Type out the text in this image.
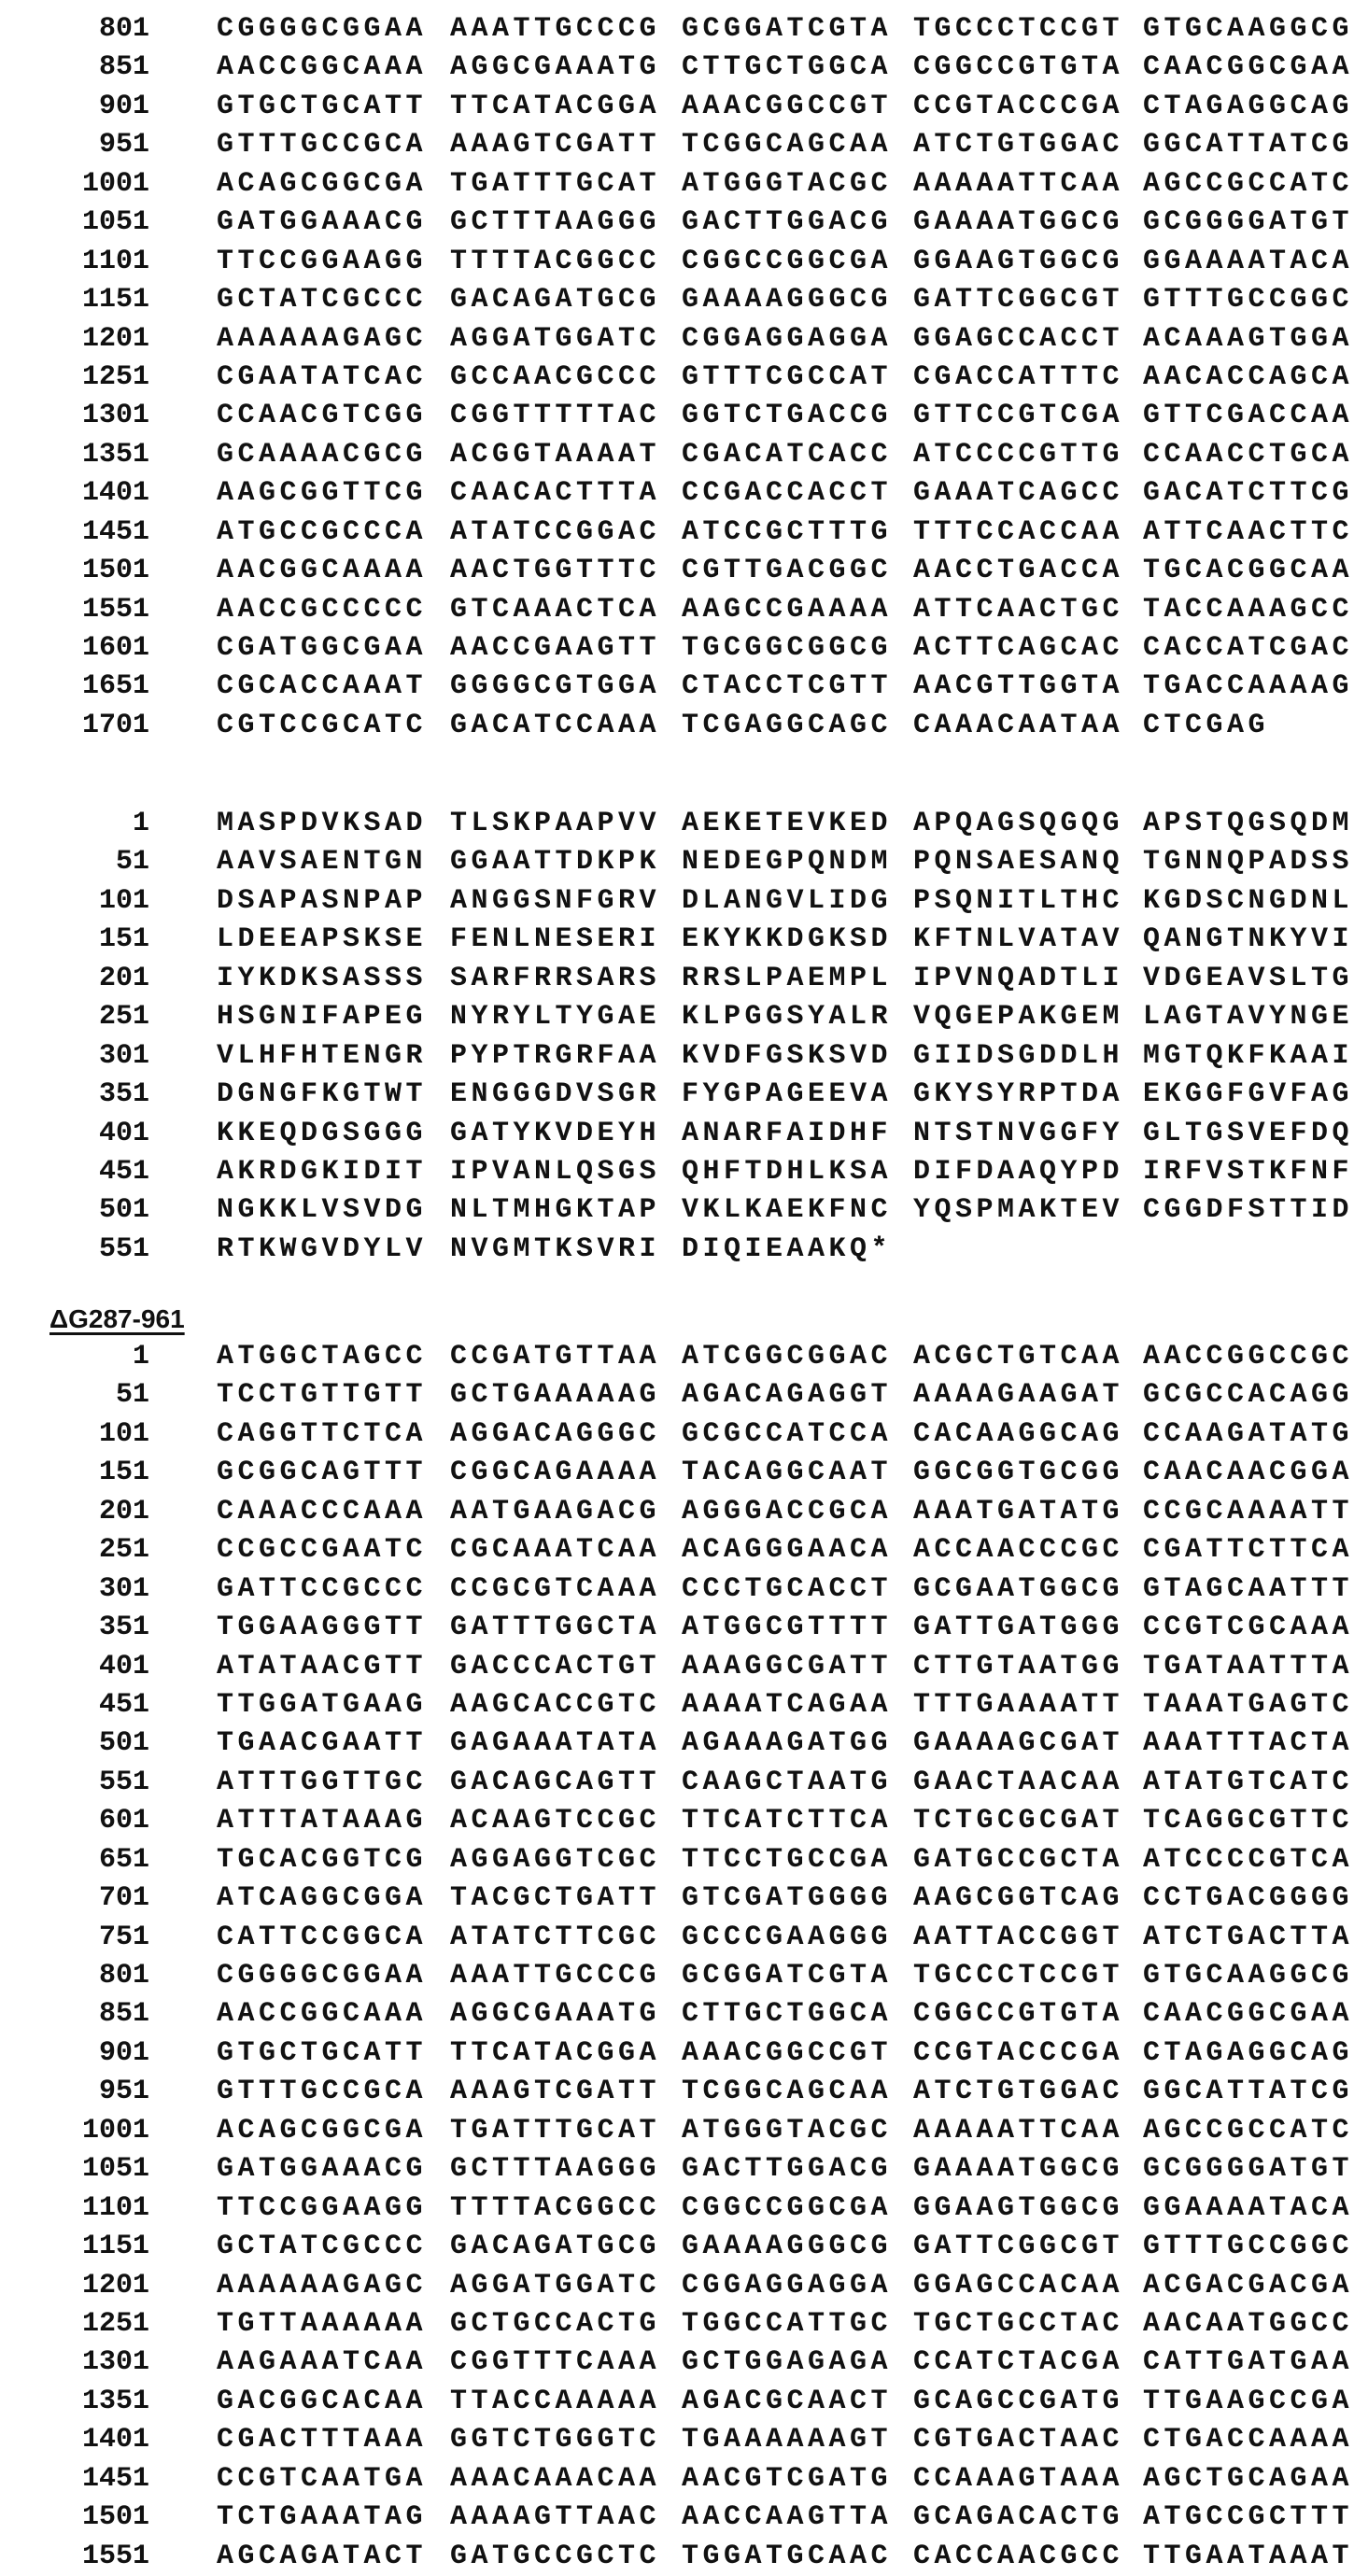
801 CGGGGCGGAA AAATTGCCCG GCGGATCGTA TGCCCTCCGT GTGCAAGGCG
851 AACCGGCAAA AGGCGAAATG CTTGCTGGCA CGGCCGTGTA CAACGGCGAA
901 GTGCTGCATT TTCATACGGA AAACGGCCGT CCGTACCCGA CTAGAGGCAG
951 GTTTGCCGCA AAAGTCGATT TCGGCAGCAA ATCTGTGGAC GGCATTATCG
1001 ACAGCGGCGA TGATTTGCAT ATGGGTACGC AAAAATTCAA AGCCGCCATC
1051 GATGGAAACG GCTTTAAGGG GACTTGGACG GAAAATGGCG GCGGGGATGT
1101 TTCCGGAAGG TTTTACGGCC CGGCCGGCGA GGAAGTGGCG GGAAAATACA
1151 GCTATCGCCC GACAGATGCG GAAAAGGGCG GATTCGGCGT GTTTGCCGGC
1201 AAAAAAGAGC AGGATGGATC CGGAGGAGGA GGAGCCACCT ACAAAGTGGA
1251 CGAATATCAC GCCAACGCCC GTTTCGCCAT CGACCATTTC AACACCAGCA
1301 CCAACGTCGG CGGTTTTTAC GGTCTGACCG GTTCCGTCGA GTTCGACCAA
1351 GCAAAACGCG ACGGTAAAAT CGACATCACC ATCCCCGTTG CCAACCTGCA
1401 AAGCGGTTCG CAACACTTTA CCGACCACCT GAAATCAGCC GACATCTTCG
1451 ATGCCGCCCA ATATCCGGAC ATCCGCTTTG TTTCCACCAA ATTCAACTTC
1501 AACGGCAAAA AACTGGTTTC CGTTGACGGC AACCTGACCA TGCACGGCAA
1551 AACCGCCCCC GTCAAACTCA AAGCCGAAAA ATTCAACTGC TACCAAAGCC
1601 CGATGGCGAA AACCGAAGTT TGCGGCGGCG ACTTCAGCAC CACCATCGAC
1651 CGCACCAAAT GGGGCGTGGA CTACCTCGTT AACGTTGGTA TGACCAAAAG
1701 CGTCCGCATC GACATCCAAA TCGAGGCAGC CAAACAATAA CTCGAG
1 MASPDVKSAD TLSKPAAPVV AEKETEVKED APQAGSQGQG APSTQGSQDM
51 AAVSAENTGN GGAATTDKPK NEDEGPQNDM PQNSAESANQ TGNNQPADSS
101 DSAPASNPAP ANGGSNFGRV DLANGVLIDG PSQNITLTHC KGDSCNGDNL
151 LDEEAPSKSE FENLNESERI EKYKKDGKSD KFTNLVATAV QANGTNKYVI
201 IYKDKSASSS SARFRRSARS RRSLPAEMPL IPVNQADTLI VDGEAVSLTG
251 HSGNIFAPEG NYRYLTYGAE KLPGGSYALR VQGEPAKGEM LAGTAVYNGE
301 VLHFHTENGR PYPTRGRFAA KVDFGSKSVD GIIDSGDDLH MGTQKFKAAI
351 DGNGFKGTWT ENGGGDVSGR FYGPAGEEVA GKYSYRPTDA EKGGFGVFAG
401 KKEQDGSGGG GATYKVDEYH ANARFAIDHF NTSTNVGGFY GLTGSVEFDQ
451 AKRDGKIDIT IPVANLQSGS QHFTDHLKSA DIFDAAQYPD IRFVSTKFNF
501 NGKKLVSVDG NLTMHGKTAP VKLKAEKFNC YQSPMAKTEV CGGDFSTTID
551 RTKWGVDYLV NVGMTKSVRI DIQIEAAKQ*
ΔG287-961
1 ATGGCTAGCC CCGATGTTAA ATCGGCGGAC ACGCTGTCAA AACCGGCCGC
51 TCCTGTTGTT GCTGAAAAAG AGACAGAGGT AAAAGAAGAT GCGCCACAGG
101 CAGGTTCTCA AGGACAGGGC GCGCCATCCA CACAAGGCAG CCAAGATATG
151 GCGGCAGTTT CGGCAGAAAA TACAGGCAAT GGCGGTGCGG CAACAACGGA
201 CAAACCCAAA AATGAAGACG AGGGACCGCA AAATGATATG CCGCAAAATT
251 CCGCCGAATC CGCAAATCAA ACAGGGAACA ACCAACCCGC CGATTCTTCA
301 GATTCCGCCC CCGCGTCAAA CCCTGCACCT GCGAATGGCG GTAGCAATTT
351 TGGAAGGGTT GATTTGGCTA ATGGCGTTTT GATTGATGGG CCGTCGCAAA
401 ATATAACGTT GACCCACTGT AAAGGCGATT CTTGTAATGG TGATAATTTA
451 TTGGATGAAG AAGCACCGTC AAAATCAGAA TTTGAAAATT TAAATGAGTC
501 TGAACGAATT GAGAAATATA AGAAAGATGG GAAAAGCGAT AAATTTACTA
551 ATTTGGTTGC GACAGCAGTT CAAGCTAATG GAACTAACAA ATATGTCATC
601 ATTTATAAAG ACAAGTCCGC TTCATCTTCA TCTGCGCGAT TCAGGCGTTC
651 TGCACGGTCG AGGAGGTCGC TTCCTGCCGA GATGCCGCTA ATCCCCGTCA
701 ATCAGGCGGA TACGCTGATT GTCGATGGGG AAGCGGTCAG CCTGACGGGG
751 CATTCCGGCA ATATCTTCGC GCCCGAAGGG AATTACCGGT ATCTGACTTA
801 CGGGGCGGAA AAATTGCCCG GCGGATCGTA TGCCCTCCGT GTGCAAGGCG
851 AACCGGCAAA AGGCGAAATG CTTGCTGGCA CGGCCGTGTA CAACGGCGAA
901 GTGCTGCATT TTCATACGGA AAACGGCCGT CCGTACCCGA CTAGAGGCAG
951 GTTTGCCGCA AAAGTCGATT TCGGCAGCAA ATCTGTGGAC GGCATTATCG
1001 ACAGCGGCGA TGATTTGCAT ATGGGTACGC AAAAATTCAA AGCCGCCATC
1051 GATGGAAACG GCTTTAAGGG GACTTGGACG GAAAATGGCG GCGGGGATGT
1101 TTCCGGAAGG TTTTACGGCC CGGCCGGCGA GGAAGTGGCG GGAAAATACA
1151 GCTATCGCCC GACAGATGCG GAAAAGGGCG GATTCGGCGT GTTTGCCGGC
1201 AAAAAAGAGC AGGATGGATC CGGAGGAGGA GGAGCCACAA ACGACGACGA
1251 TGTTAAAAAA GCTGCCACTG TGGCCATTGC TGCTGCCTAC AACAATGGCC
1301 AAGAAATCAA CGGTTTCAAA GCTGGAGAGA CCATCTACGA CATTGATGAA
1351 GACGGCACAA TTACCAAAAA AGACGCAACT GCAGCCGATG TTGAAGCCGA
1401 CGACTTTAAA GGTCTGGGTC TGAAAAAAGT CGTGACTAAC CTGACCAAAA
1451 CCGTCAATGA AAACAAACAA AACGTCGATG CCAAAGTAAA AGCTGCAGAA
1501 TCTGAAATAG AAAAGTTAAC AACCAAGTTA GCAGACACTG ATGCCGCTTT
1551 AGCAGATACT GATGCCGCTC TGGATGCAAC CACCAACGCC TTGAATAAAT
